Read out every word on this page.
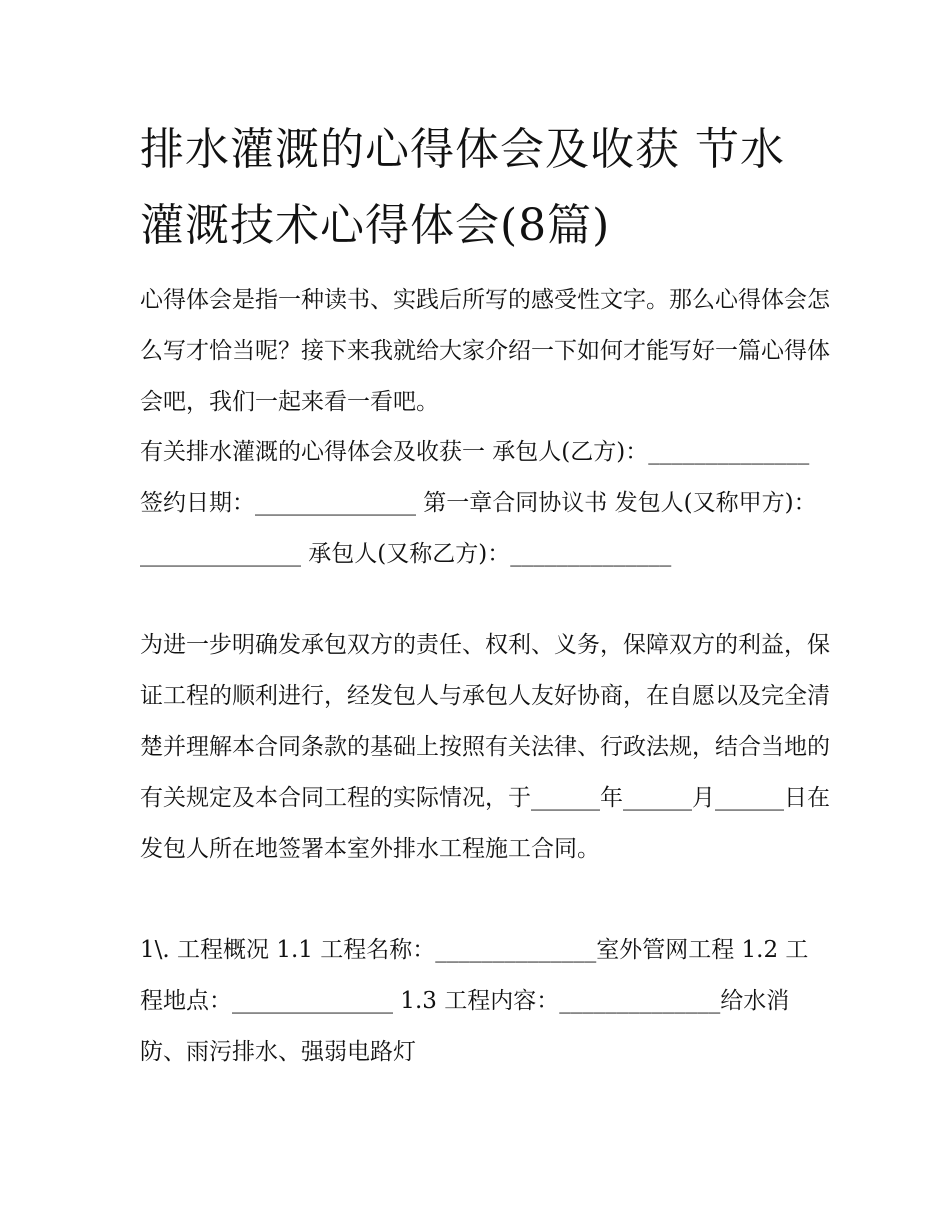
排水灌溉的心得体会及收获 节水灌溉技术心得体会(8篇)

心得体会是指一种读书、实践后所写的感受性文字。那么心得体会怎么写才恰当呢？接下来我就给大家介绍一下如何才能写好一篇心得体会吧，我们一起来看一看吧。

有关排水灌溉的心得体会及收获一 承包人(乙方)：______________ 签约日期：______________ 第一章合同协议书 发包人(又称甲方)：______________ 承包人(又称乙方)：______________

为进一步明确发承包双方的责任、权利、义务，保障双方的利益，保证工程的顺利进行，经发包人与承包人友好协商，在自愿以及完全清楚并理解本合同条款的基础上按照有关法律、行政法规，结合当地的有关规定及本合同工程的实际情况，于______年______月______日在发包人所在地签署本室外排水工程施工合同。

1\. 工程概况 1.1 工程名称：______________室外管网工程 1.2 工程地点：______________ 1.3 工程内容：______________给水消防、雨污排水、强弱电路灯
